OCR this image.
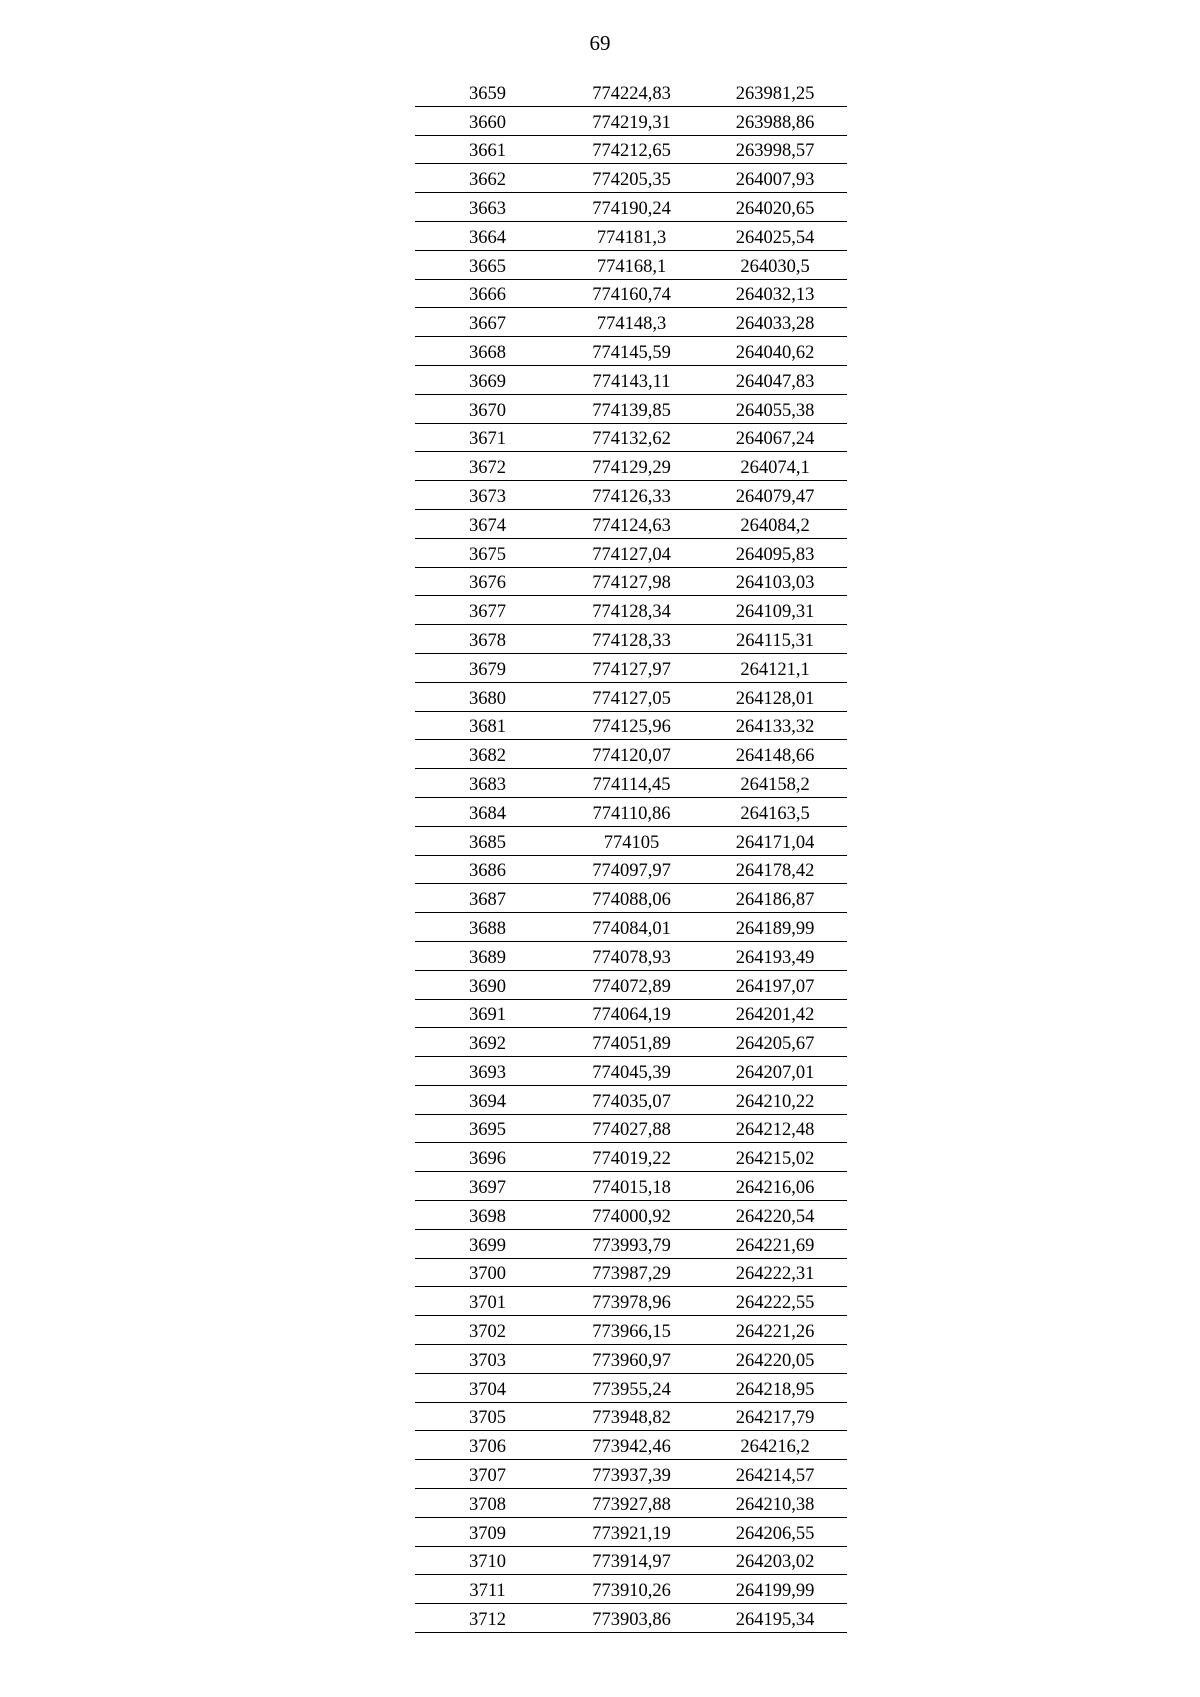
69
3659	774224,83	263981,25
3660	774219,31	263988,86
3661	774212,65	263998,57
3662	774205,35	264007,93
3663	774190,24	264020,65
3664	774181,3	264025,54
3665	774168,1	264030,5
3666	774160,74	264032,13
3667	774148,3	264033,28
3668	774145,59	264040,62
3669	774143,11	264047,83
3670	774139,85	264055,38
3671	774132,62	264067,24
3672	774129,29	264074,1
3673	774126,33	264079,47
3674	774124,63	264084,2
3675	774127,04	264095,83
3676	774127,98	264103,03
3677	774128,34	264109,31
3678	774128,33	264115,31
3679	774127,97	264121,1
3680	774127,05	264128,01
3681	774125,96	264133,32
3682	774120,07	264148,66
3683	774114,45	264158,2
3684	774110,86	264163,5
3685	774105	264171,04
3686	774097,97	264178,42
3687	774088,06	264186,87
3688	774084,01	264189,99
3689	774078,93	264193,49
3690	774072,89	264197,07
3691	774064,19	264201,42
3692	774051,89	264205,67
3693	774045,39	264207,01
3694	774035,07	264210,22
3695	774027,88	264212,48
3696	774019,22	264215,02
3697	774015,18	264216,06
3698	774000,92	264220,54
3699	773993,79	264221,69
3700	773987,29	264222,31
3701	773978,96	264222,55
3702	773966,15	264221,26
3703	773960,97	264220,05
3704	773955,24	264218,95
3705	773948,82	264217,79
3706	773942,46	264216,2
3707	773937,39	264214,57
3708	773927,88	264210,38
3709	773921,19	264206,55
3710	773914,97	264203,02
3711	773910,26	264199,99
3712	773903,86	264195,34
